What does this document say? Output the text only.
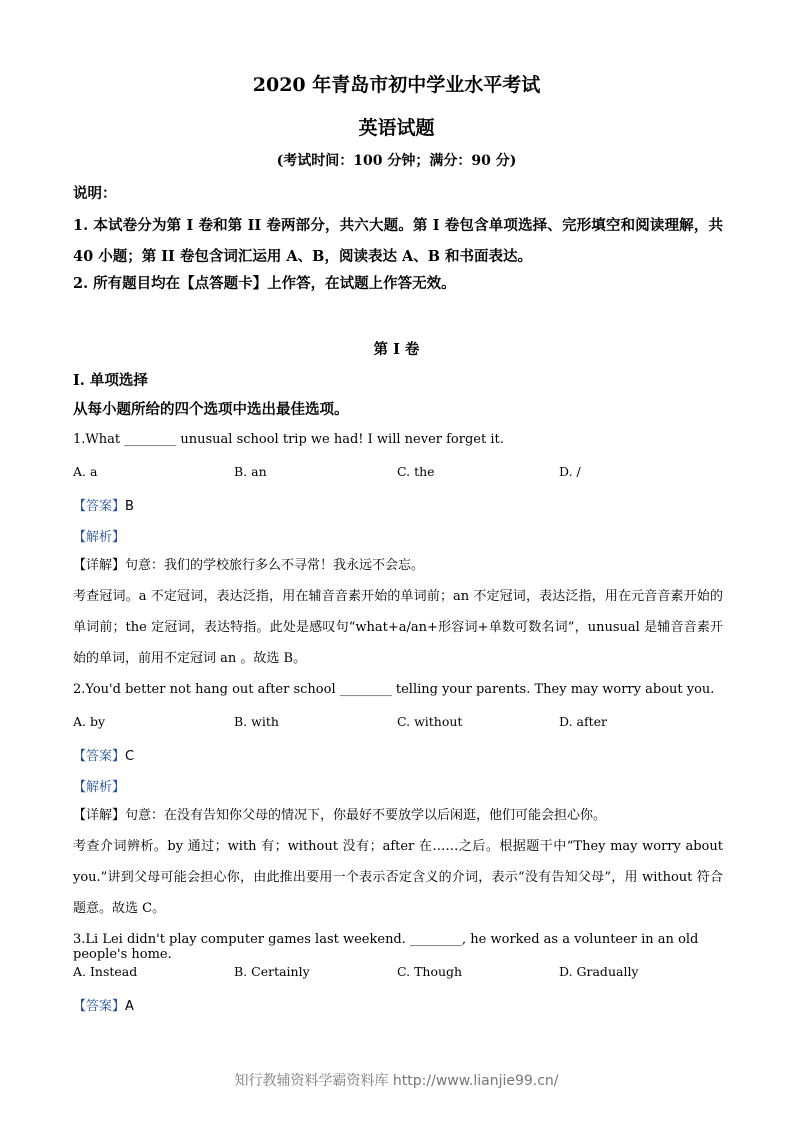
2020 年青岛市初中学业水平考试
英语试题
(考试时间：100 分钟；满分：90 分)
说明：
1. 本试卷分为第 I 卷和第 II 卷两部分，共六大题。第 I 卷包含单项选择、完形填空和阅读理解，共 40 小题；第 II 卷包含词汇运用 A、B，阅读表达 A、B 和书面表达。
2. 所有题目均在【点答题卡】上作答，在试题上作答无效。
第 I 卷
I. 单项选择
从每小题所给的四个选项中选出最佳选项。
1.What ________ unusual school trip we had! I will never forget it.
A. a	B. an	C. the	D. /
【答案】B
【解析】
【详解】句意：我们的学校旅行多么不寻常！我永远不会忘。
考查冠词。a 不定冠词，表达泛指，用在辅音音素开始的单词前；an 不定冠词，表达泛指，用在元音音素开始的单词前；the 定冠词，表达特指。此处是感叹句“what+a/an+形容词+单数可数名词”，unusual 是辅音音素开始的单词，前用不定冠词 an 。故选 B。
2.You'd better not hang out after school ________ telling your parents. They may worry about you.
A. by	B. with	C. without	D. after
【答案】C
【解析】
【详解】句意：在没有告知你父母的情况下，你最好不要放学以后闲逛，他们可能会担心你。
考查介词辨析。by 通过；with 有；without 没有；after 在……之后。根据题干中“They may worry about you.”讲到父母可能会担心你，由此推出要用一个表示否定含义的介词，表示“没有告知父母”，用 without 符合题意。故选 C。
3.Li Lei didn't play computer games last weekend. ________, he worked as a volunteer in an old people's home.
A. Instead	B. Certainly	C. Though	D. Gradually
【答案】A
知行教辅资料学霸资料库 http://www.lianjie99.cn/
